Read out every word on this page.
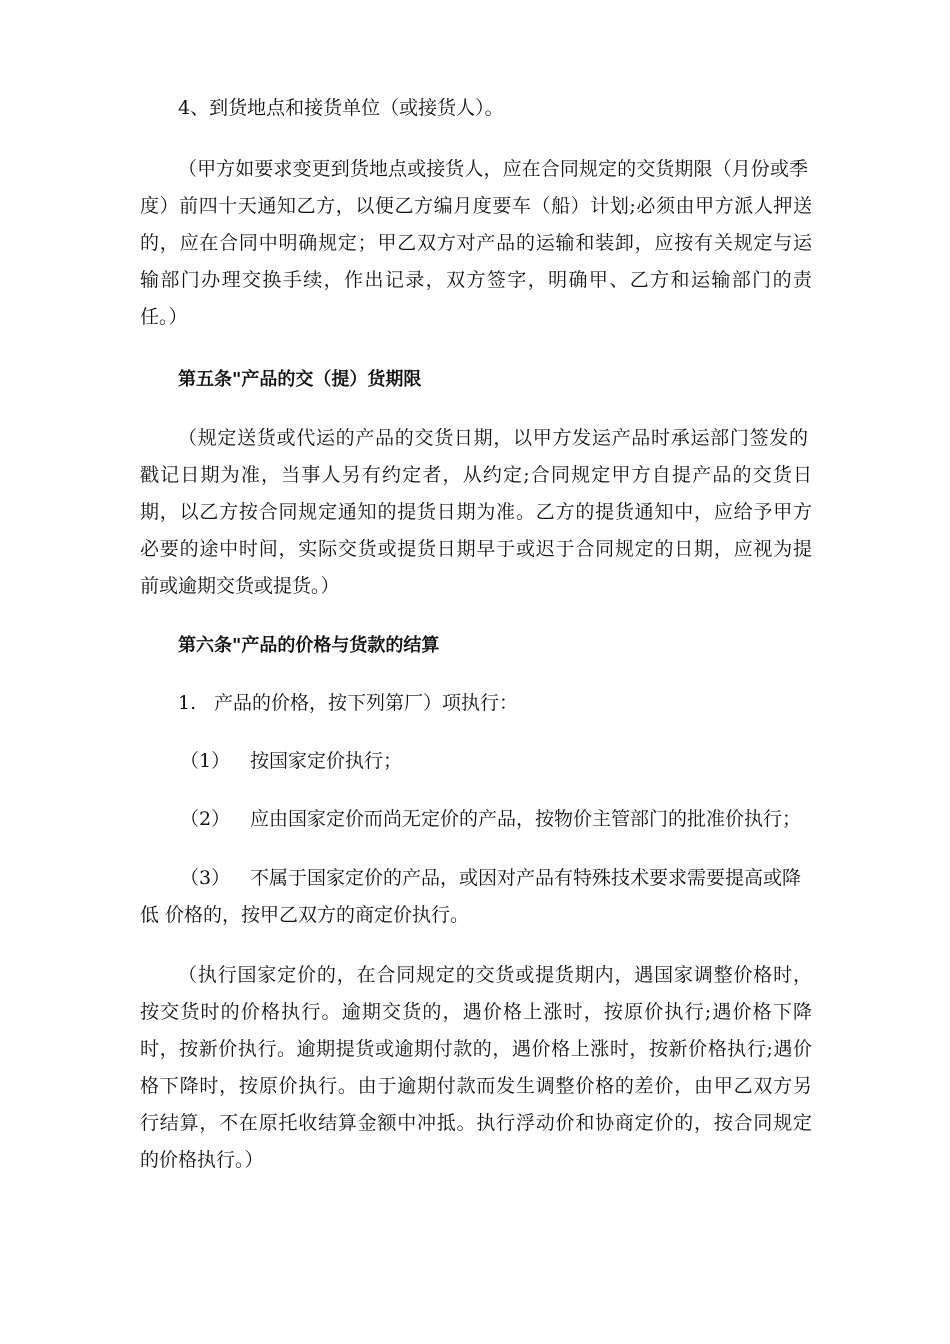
4、到货地点和接货单位（或接货人）。
（甲方如要求变更到货地点或接货人，应在合同规定的交货期限（月份或季
度）前四十天通知乙方，以便乙方编月度要车（船）计划;必须由甲方派人押送
的，应在合同中明确规定；甲乙双方对产品的运输和装卸，应按有关规定与运
输部门办理交换手续，作出记录，双方签字，明确甲、乙方和运输部门的责
任。）
第五条"产品的交（提）货期限
（规定送货或代运的产品的交货日期，以甲方发运产品时承运部门签发的
戳记日期为准，当事人另有约定者，从约定;合同规定甲方自提产品的交货日
期，以乙方按合同规定通知的提货日期为准。乙方的提货通知中，应给予甲方
必要的途中时间，实际交货或提货日期早于或迟于合同规定的日期，应视为提
前或逾期交货或提货。）
第六条"产品的价格与货款的结算
1. 产品的价格，按下列第厂）项执行：
（1） 按国家定价执行；
（2） 应由国家定价而尚无定价的产品，按物价主管部门的批准价执行；
（3） 不属于国家定价的产品，或因对产品有特殊技术要求需要提高或降
低 价格的，按甲乙双方的商定价执行。
（执行国家定价的，在合同规定的交货或提货期内，遇国家调整价格时，
按交货时的价格执行。逾期交货的，遇价格上涨时，按原价执行;遇价格下降
时，按新价执行。逾期提货或逾期付款的，遇价格上涨时，按新价格执行;遇价
格下降时，按原价执行。由于逾期付款而发生调整价格的差价，由甲乙双方另
行结算，不在原托收结算金额中冲抵。执行浮动价和协商定价的，按合同规定
的价格执行。）
